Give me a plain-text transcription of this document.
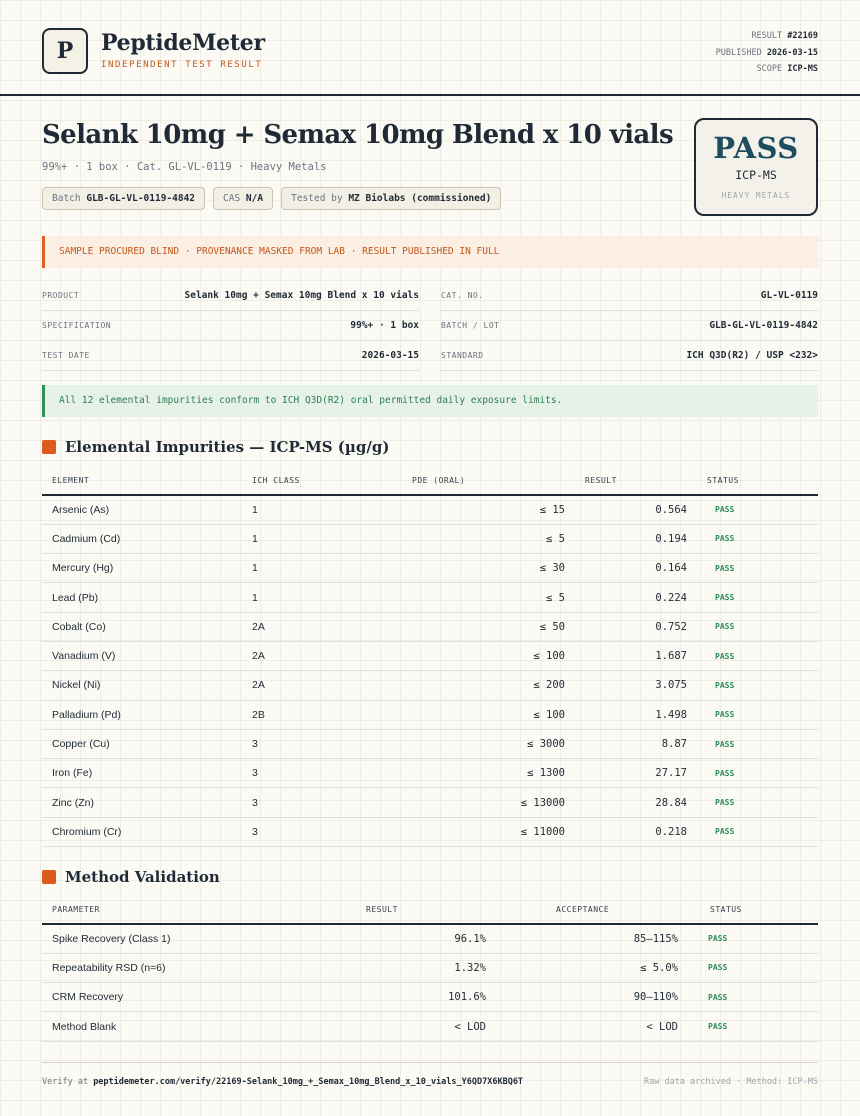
P PeptideMeter
INDEPENDENT TEST RESULT
RESULT #22169
PUBLISHED 2026-03-15
SCOPE ICP-MS
Selank 10mg + Semax 10mg Blend x 10 vials
99%+ · 1 box · Cat. GL-VL-0119 · Heavy Metals
Batch GLB-GL-VL-0119-4842	CAS N/A	Tested by MZ Biolabs (commissioned)
PASS
ICP-MS
HEAVY METALS
SAMPLE PROCURED BLIND · PROVENANCE MASKED FROM LAB · RESULT PUBLISHED IN FULL
PRODUCT	Selank 10mg + Semax 10mg Blend x 10 vials
SPECIFICATION	99%+ · 1 box
TEST DATE	2026-03-15
CAT. NO.	GL-VL-0119
BATCH / LOT	GLB-GL-VL-0119-4842
STANDARD	ICH Q3D(R2) / USP <232>
All 12 elemental impurities conform to ICH Q3D(R2) oral permitted daily exposure limits.
Elemental Impurities — ICP-MS (µg/g)
ELEMENT	ICH CLASS	PDE (ORAL)	RESULT	STATUS
Arsenic (As)	1	≤ 15	0.564	PASS
Cadmium (Cd)	1	≤ 5	0.194	PASS
Mercury (Hg)	1	≤ 30	0.164	PASS
Lead (Pb)	1	≤ 5	0.224	PASS
Cobalt (Co)	2A	≤ 50	0.752	PASS
Vanadium (V)	2A	≤ 100	1.687	PASS
Nickel (Ni)	2A	≤ 200	3.075	PASS
Palladium (Pd)	2B	≤ 100	1.498	PASS
Copper (Cu)	3	≤ 3000	8.87	PASS
Iron (Fe)	3	≤ 1300	27.17	PASS
Zinc (Zn)	3	≤ 13000	28.84	PASS
Chromium (Cr)	3	≤ 11000	0.218	PASS
Method Validation
PARAMETER	RESULT	ACCEPTANCE	STATUS
Spike Recovery (Class 1)	96.1%	85–115%	PASS
Repeatability RSD (n=6)	1.32%	≤ 5.0%	PASS
CRM Recovery	101.6%	90–110%	PASS
Method Blank	< LOD	< LOD	PASS
Verify at peptidemeter.com/verify/22169-Selank_10mg_+_Semax_10mg_Blend_x_10_vials_Y6QD7X6KBQ6T	Raw data archived · Method: ICP-MS
